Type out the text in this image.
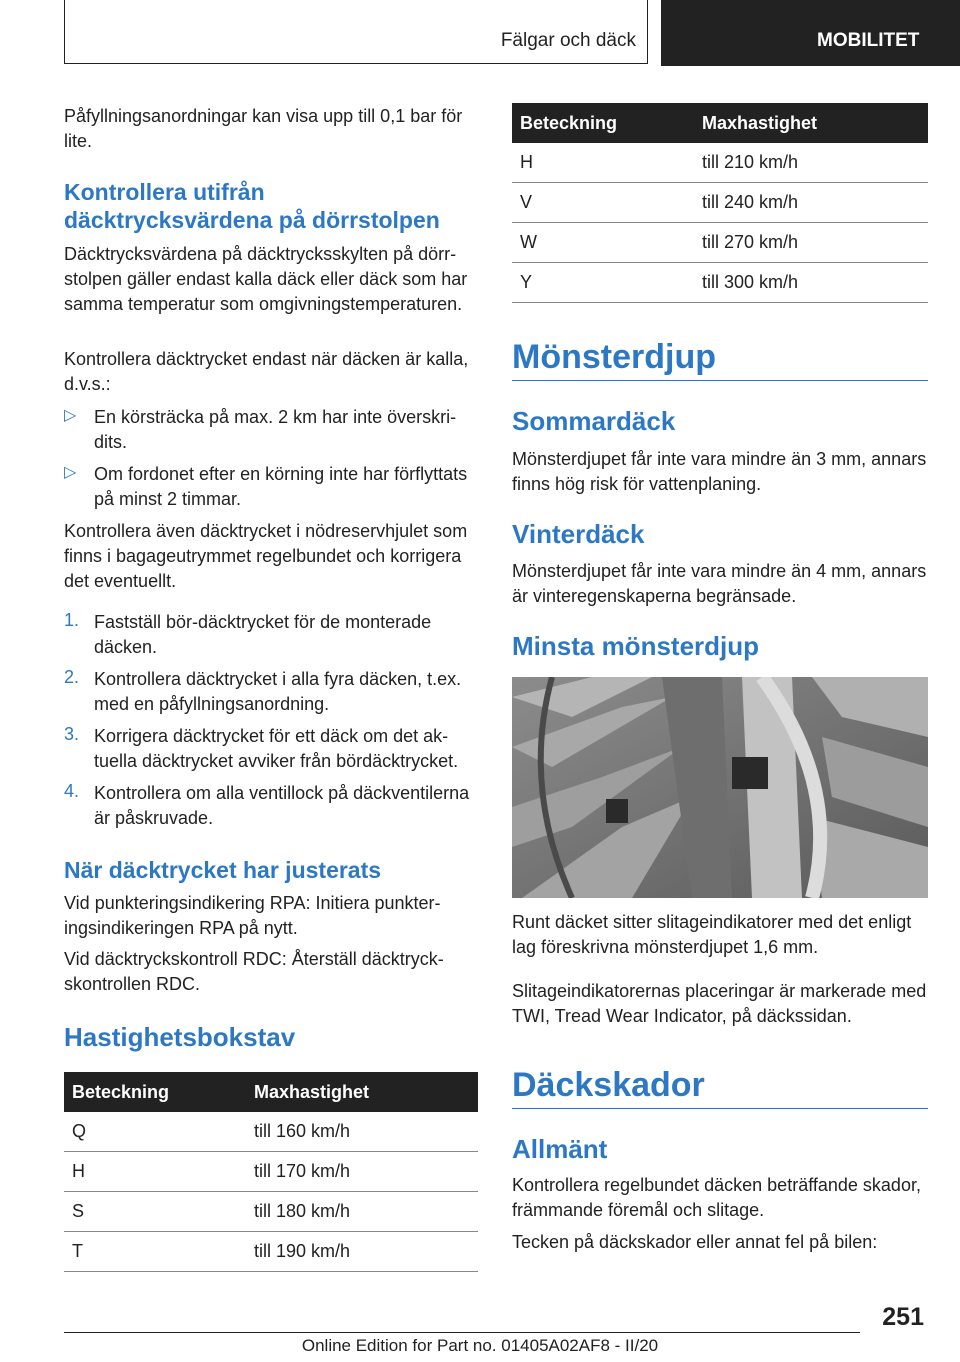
Fälgar och däck	MOBILITET

Påfyllningsanordningar kan visa upp till 0,1 bar för lite.

Kontrollera utifrån
däcktrycksvärdena på dörrstolpen

Däcktrycksvärdena på däcktrycksskylten på dörrstolpen gäller endast kalla däck eller däck som har samma temperatur som omgivningstemperaturen.

Kontrollera däcktrycket endast när däcken är kalla, d.v.s.:

▷ En körsträcka på max. 2 km har inte överskridits.
▷ Om fordonet efter en körning inte har förflyttats på minst 2 timmar.

Kontrollera även däcktrycket i nödreservhjulet som finns i bagageutrymmet regelbundet och korrigera det eventuellt.

1. Fastställ bör-däcktrycket för de monterade däcken.
2. Kontrollera däcktrycket i alla fyra däcken, t.ex. med en påfyllningsanordning.
3. Korrigera däcktrycket för ett däck om det aktuella däcktrycket avviker från bördäcktrycket.
4. Kontrollera om alla ventillock på däckventilerna är påskruvade.
När däcktrycket har justerats

Vid punkteringsindikering RPA: Initiera punkteringsindikeringen RPA på nytt.

Vid däcktryckskontroll RDC: Återställ däcktryckskontrollen RDC.

Hastighetsbokstav
Beteckning	Maxhastighet
Q	till 160 km/h
H	till 170 km/h
S	till 180 km/h
T	till 190 km/h
Beteckning	Maxhastighet
H	till 210 km/h
V	till 240 km/h
W	till 270 km/h
Y	till 300 km/h
Mönsterdjup
Sommardäck

Mönsterdjupet får inte vara mindre än 3 mm, annars finns hög risk för vattenplaning.

Vinterdäck

Mönsterdjupet får inte vara mindre än 4 mm, annars är vinteregenskaperna begränsade.

Minsta mönsterdjup

Runt däcket sitter slitageindikatorer med det enligt lag föreskrivna mönsterdjupet 1,6 mm.

Slitageindikatorernas placeringar är markerade med TWI, Tread Wear Indicator, på däckssidan.

Däckskador
Allmänt

Kontrollera regelbundet däcken beträffande skador, främmande föremål och slitage.

Tecken på däckskador eller annat fel på bilen:

251
Online Edition for Part no. 01405A02AF8 - II/20
